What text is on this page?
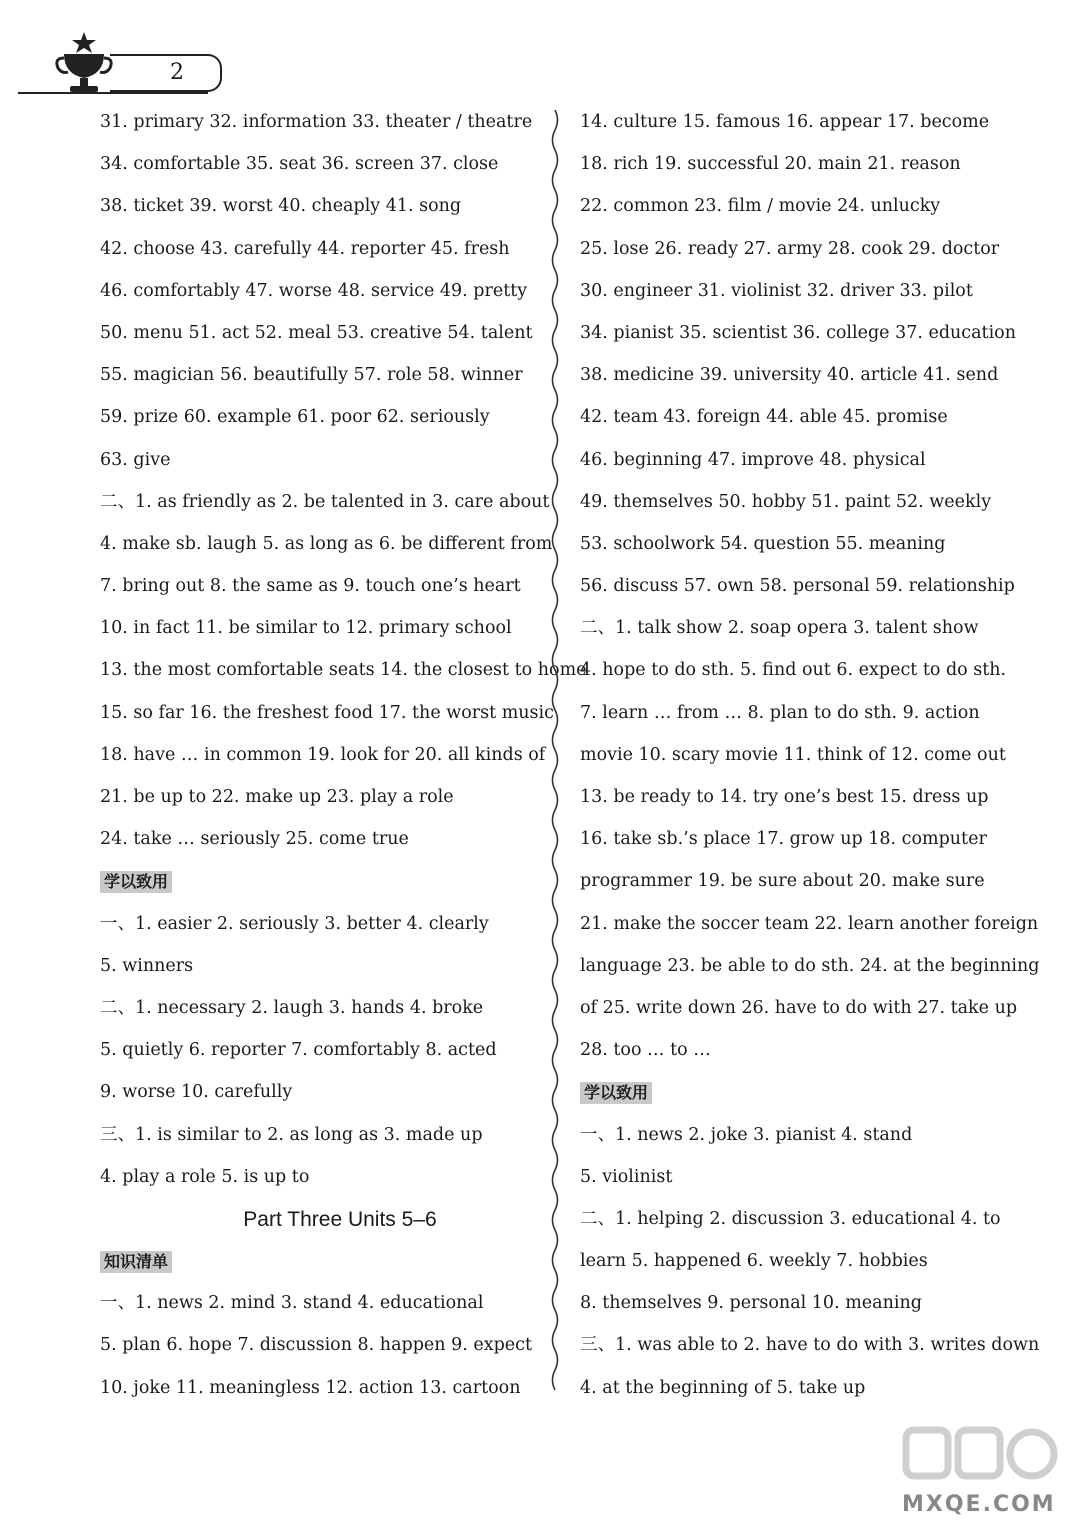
2
31. primary 32. information 33. theater / theatre
34. comfortable 35. seat 36. screen 37. close
38. ticket 39. worst 40. cheaply 41. song
42. choose 43. carefully 44. reporter 45. fresh
46. comfortably 47. worse 48. service 49. pretty
50. menu 51. act 52. meal 53. creative 54. talent
55. magician 56. beautifully 57. role 58. winner
59. prize 60. example 61. poor 62. seriously
63. give
二、1. as friendly as 2. be talented in 3. care about
4. make sb. laugh 5. as long as 6. be different from
7. bring out 8. the same as 9. touch one’s heart
10. in fact 11. be similar to 12. primary school
13. the most comfortable seats 14. the closest to home
15. so far 16. the freshest food 17. the worst music
18. have … in common 19. look for 20. all kinds of
21. be up to 22. make up 23. play a role
24. take … seriously 25. come true
学以致用
一、1. easier 2. seriously 3. better 4. clearly
5. winners
二、1. necessary 2. laugh 3. hands 4. broke
5. quietly 6. reporter 7. comfortably 8. acted
9. worse 10. carefully
三、1. is similar to 2. as long as 3. made up
4. play a role 5. is up to
Part Three Units 5–6
知识清单
一、1. news 2. mind 3. stand 4. educational
5. plan 6. hope 7. discussion 8. happen 9. expect
10. joke 11. meaningless 12. action 13. cartoon
14. culture 15. famous 16. appear 17. become
18. rich 19. successful 20. main 21. reason
22. common 23. film / movie 24. unlucky
25. lose 26. ready 27. army 28. cook 29. doctor
30. engineer 31. violinist 32. driver 33. pilot
34. pianist 35. scientist 36. college 37. education
38. medicine 39. university 40. article 41. send
42. team 43. foreign 44. able 45. promise
46. beginning 47. improve 48. physical
49. themselves 50. hobby 51. paint 52. weekly
53. schoolwork 54. question 55. meaning
56. discuss 57. own 58. personal 59. relationship
二、1. talk show 2. soap opera 3. talent show
4. hope to do sth. 5. find out 6. expect to do sth.
7. learn … from … 8. plan to do sth. 9. action
movie 10. scary movie 11. think of 12. come out
13. be ready to 14. try one’s best 15. dress up
16. take sb.’s place 17. grow up 18. computer
programmer 19. be sure about 20. make sure
21. make the soccer team 22. learn another foreign
language 23. be able to do sth. 24. at the beginning
of 25. write down 26. have to do with 27. take up
28. too … to …
学以致用
一、1. news 2. joke 3. pianist 4. stand
5. violinist
二、1. helping 2. discussion 3. educational 4. to
learn 5. happened 6. weekly 7. hobbies
8. themselves 9. personal 10. meaning
三、1. was able to 2. have to do with 3. writes down
4. at the beginning of 5. take up
MXQE.COM
